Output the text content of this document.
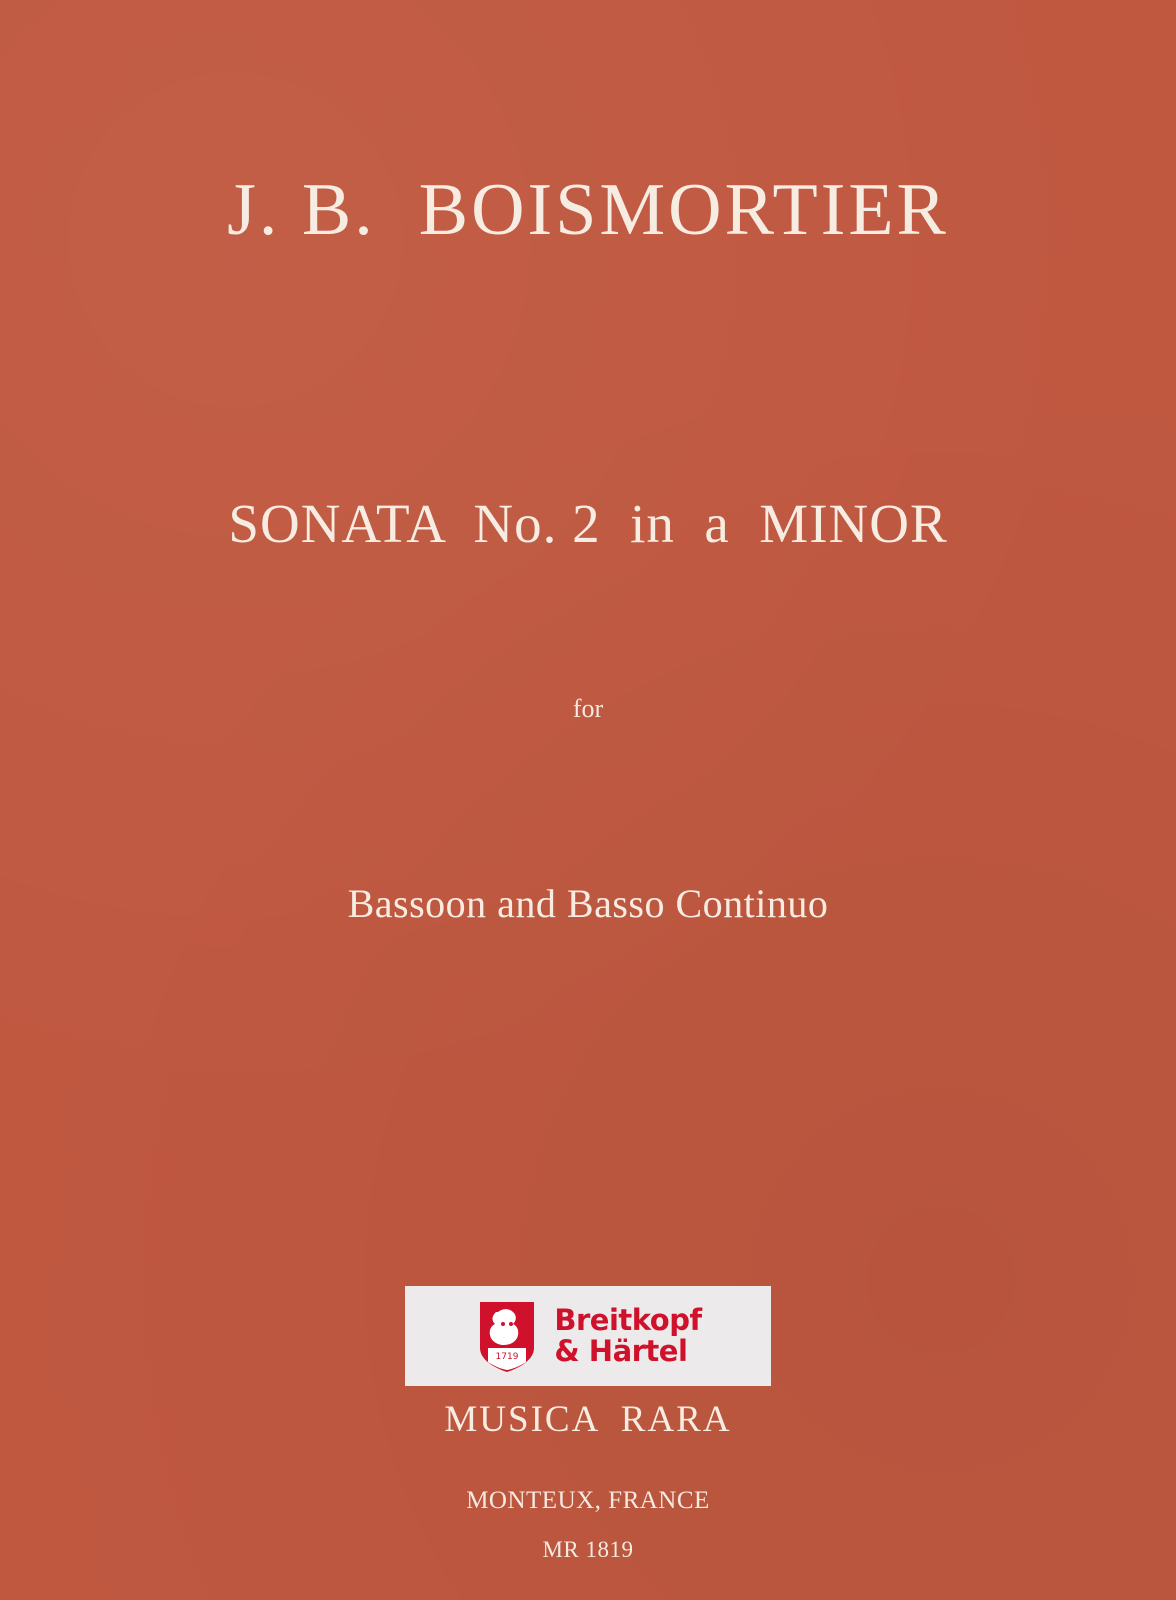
J. B.  BOISMORTIER
SONATA  No. 2  in  a  MINOR
for
Bassoon and Basso Continuo
1719
Breitkopf
& Härtel
MUSICA  RARA
MONTEUX, FRANCE
MR 1819
